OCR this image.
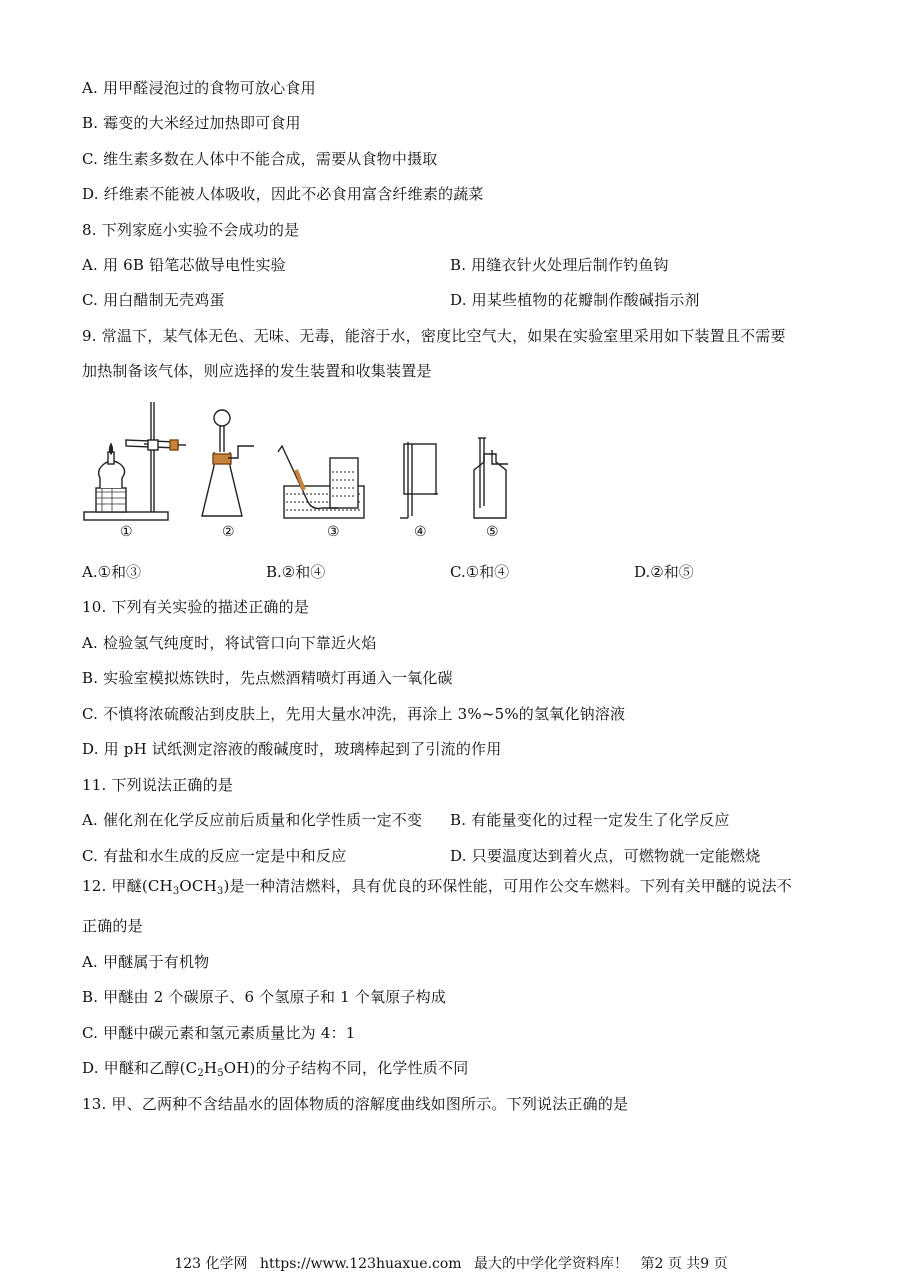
A. 用甲醛浸泡过的食物可放心食用
B. 霉变的大米经过加热即可食用
C. 维生素多数在人体中不能合成，需要从食物中摄取
D. 纤维素不能被人体吸收，因此不必食用富含纤维素的蔬菜
8. 下列家庭小实验不会成功的是
A. 用 6B 铅笔芯做导电性实验	B. 用缝衣针火处理后制作钓鱼钩
C. 用白醋制无壳鸡蛋	D. 用某些植物的花瓣制作酸碱指示剂
9. 常温下，某气体无色、无味、无毒，能溶于水，密度比空气大，如果在实验室里采用如下装置且不需要
加热制备该气体，则应选择的发生装置和收集装置是
①	②	③	④	⑤
A.①和③	B.②和④	C.①和④	D.②和⑤
10. 下列有关实验的描述正确的是
A. 检验氢气纯度时，将试管口向下靠近火焰
B. 实验室模拟炼铁时，先点燃酒精喷灯再通入一氧化碳
C. 不慎将浓硫酸沾到皮肤上，先用大量水冲洗，再涂上 3%~5%的氢氧化钠溶液
D. 用 pH 试纸测定溶液的酸碱度时，玻璃棒起到了引流的作用
11. 下列说法正确的是
A. 催化剂在化学反应前后质量和化学性质一定不变 B. 有能量变化的过程一定发生了化学反应
C. 有盐和水生成的反应一定是中和反应	D. 只要温度达到着火点，可燃物就一定能燃烧
12. 甲醚$(CH_3OCH_3)$是一种清洁燃料，具有优良的环保性能，可用作公交车燃料。下列有关甲醚的说法不
正确的是
A. 甲醚属于有机物
B. 甲醚由 2 个碳原子、6 个氢原子和 1 个氧原子构成
C. 甲醚中碳元素和氢元素质量比为 4：1
D. 甲醚和乙醇$(C_2H_5OH)$的分子结构不同，化学性质不同
13. 甲、乙两种不含结晶水的固体物质的溶解度曲线如图所示。下列说法正确的是
123 化学网 https://www.123huaxue.com 最大的中学化学资料库！ 第2 页 共9 页
